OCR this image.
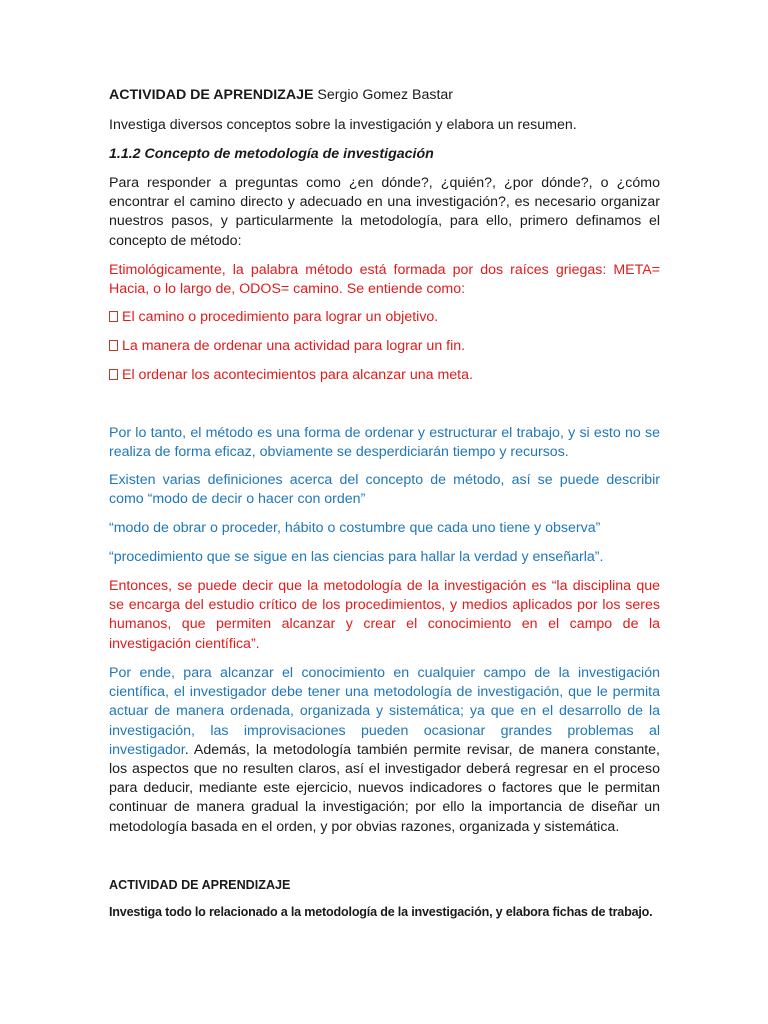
ACTIVIDAD DE APRENDIZAJE Sergio Gomez Bastar

Investiga diversos conceptos sobre la investigación y elabora un resumen.

1.1.2 Concepto de metodología de investigación

Para responder a preguntas como ¿en dónde?, ¿quién?, ¿por dónde?, o ¿cómo encontrar el camino directo y adecuado en una investigación?, es necesario organizar nuestros pasos, y particularmente la metodología, para ello, primero definamos el concepto de método:

Etimológicamente, la palabra método está formada por dos raíces griegas: META= Hacia, o lo largo de, ODOS= camino. Se entiende como:

El camino o procedimiento para lograr un objetivo.

La manera de ordenar una actividad para lograr un fin.

El ordenar los acontecimientos para alcanzar una meta.

Por lo tanto, el método es una forma de ordenar y estructurar el trabajo, y si esto no se realiza de forma eficaz, obviamente se desperdiciarán tiempo y recursos.

Existen varias definiciones acerca del concepto de método, así se puede describir como “modo de decir o hacer con orden”

“modo de obrar o proceder, hábito o costumbre que cada uno tiene y observa”

“procedimiento que se sigue en las ciencias para hallar la verdad y enseñarla”.

Entonces, se puede decir que la metodología de la investigación es “la disciplina que se encarga del estudio crítico de los procedimientos, y medios aplicados por los seres humanos, que permiten alcanzar y crear el conocimiento en el campo de la investigación científica”.

Por ende, para alcanzar el conocimiento en cualquier campo de la investigación científica, el investigador debe tener una metodología de investigación, que le permita actuar de manera ordenada, organizada y sistemática; ya que en el desarrollo de la investigación, las improvisaciones pueden ocasionar grandes problemas al investigador. Además, la metodología también permite revisar, de manera constante, los aspectos que no resulten claros, así el investigador deberá regresar en el proceso para deducir, mediante este ejercicio, nuevos indicadores o factores que le permitan continuar de manera gradual la investigación; por ello la importancia de diseñar un metodología basada en el orden, y por obvias razones, organizada y sistemática.

ACTIVIDAD DE APRENDIZAJE

Investiga todo lo relacionado a la metodología de la investigación, y elabora fichas de trabajo.
